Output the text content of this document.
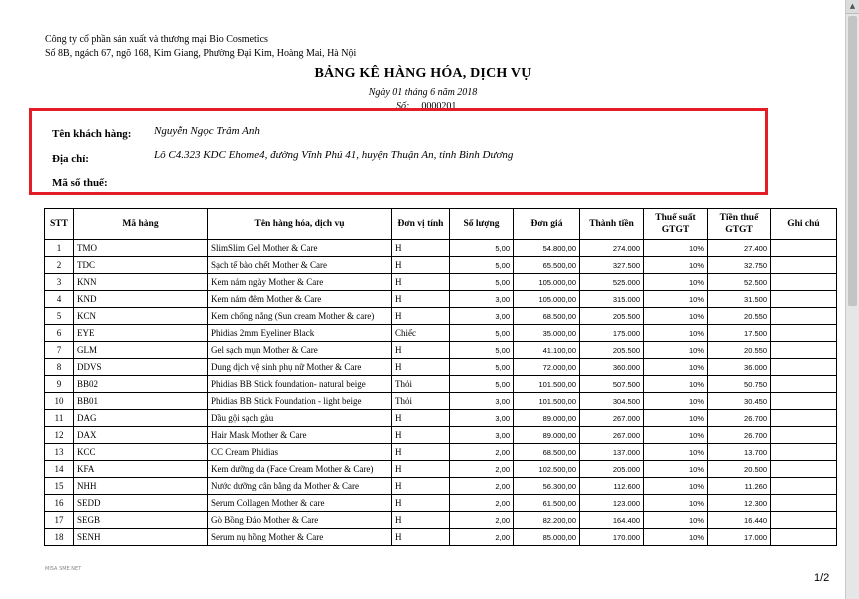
Công ty cổ phần sản xuất và thương mại Bio Cosmetics
Số 8B, ngách 67, ngõ 168, Kim Giang, Phường Đại Kim, Hoàng Mai, Hà Nội
BẢNG KÊ HÀNG HÓA, DỊCH VỤ
Ngày 01 tháng 6 năm 2018
Số: 0000201
Tên khách hàng: Nguyễn Ngọc Trâm Anh
Địa chỉ:	Lô C4.323 KDC Ehome4, đường Vĩnh Phú 41, huyện Thuận An, tỉnh Bình Dương
Mã số thuế:
STT	Mã hàng	Tên hàng hóa, dịch vụ	Đơn vị tính	Số lượng	Đơn giá	Thành tiền	Thuế suất GTGT	Tiền thuế GTGT	Ghi chú
1	TMO	SlimSlim Gel Mother & Care	H	5,00	54.800,00	274.000	10%	27.400	
2	TDC	Sạch tế bào chết Mother & Care	H	5,00	65.500,00	327.500	10%	32.750	
3	KNN	Kem nám ngày Mother & Care	H	5,00	105.000,00	525.000	10%	52.500	
4	KND	Kem nám đêm Mother & Care	H	3,00	105.000,00	315.000	10%	31.500	
5	KCN	Kem chống nắng (Sun cream Mother & care)	H	3,00	68.500,00	205.500	10%	20.550	
6	EYE	Phidias 2mm Eyeliner Black	Chiếc	5,00	35.000,00	175.000	10%	17.500	
7	GLM	Gel sạch mụn Mother & Care	H	5,00	41.100,00	205.500	10%	20.550	
8	DDVS	Dung dịch vệ sinh phụ nữ Mother & Care	H	5,00	72.000,00	360.000	10%	36.000	
9	BB02	Phidias BB Stick foundation- natural beige	Thỏi	5,00	101.500,00	507.500	10%	50.750	
10	BB01	Phidias BB Stick Foundation - light beige	Thỏi	3,00	101.500,00	304.500	10%	30.450	
11	DAG	Dầu gội sạch gàu	H	3,00	89.000,00	267.000	10%	26.700	
12	DAX	Hair Mask Mother & Care	H	3,00	89.000,00	267.000	10%	26.700	
13	KCC	CC Cream Phidias	H	2,00	68.500,00	137.000	10%	13.700	
14	KFA	Kem dưỡng da (Face Cream Mother & Care)	H	2,00	102.500,00	205.000	10%	20.500	
15	NHH	Nước dưỡng cân bằng da Mother & Care	H	2,00	56.300,00	112.600	10%	11.260	
16	SEDD	Serum Collagen Mother & care	H	2,00	61.500,00	123.000	10%	12.300	
17	SEGB	Gò Bồng Đảo Mother & Care	H	2,00	82.200,00	164.400	10%	16.440	
18	SENH	Serum nụ hồng Mother & Care	H	2,00	85.000,00	170.000	10%	17.000	
MISA SME.NET
1/2
▲
